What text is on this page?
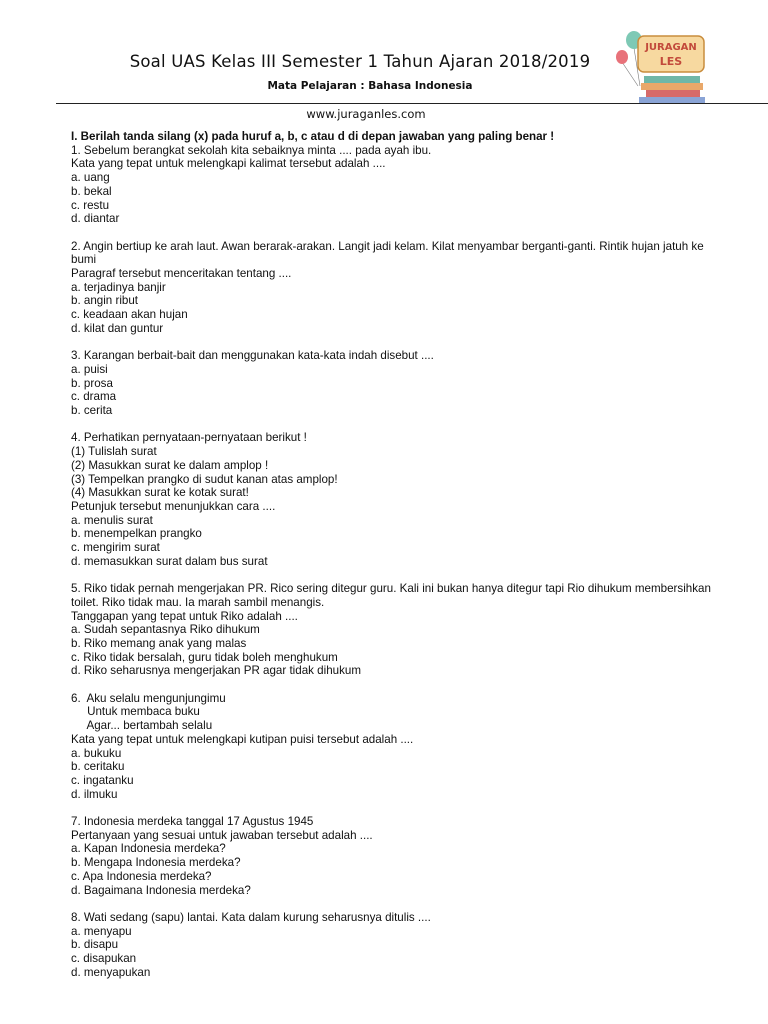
Soal UAS Kelas III Semester 1 Tahun Ajaran 2018/2019
Mata Pelajaran : Bahasa Indonesia
www.juraganles.com
JURAGAN
LES
I. Berilah tanda silang (x) pada huruf a, b, c atau d di depan jawaban yang paling benar !
1. Sebelum berangkat sekolah kita sebaiknya minta .... pada ayah ibu.
Kata yang tepat untuk melengkapi kalimat tersebut adalah ....
a. uang
b. bekal
c. restu
d. diantar
2. Angin bertiup ke arah laut. Awan berarak-arakan. Langit jadi kelam. Kilat menyambar berganti-ganti. Rintik hujan jatuh ke bumi
Paragraf tersebut menceritakan tentang ....
a. terjadinya banjir
b. angin ribut
c. keadaan akan hujan
d. kilat dan guntur
3. Karangan berbait-bait dan menggunakan kata-kata indah disebut ....
a. puisi
b. prosa
c. drama
b. cerita
4. Perhatikan pernyataan-pernyataan berikut !
(1) Tulislah surat
(2) Masukkan surat ke dalam amplop !
(3) Tempelkan prangko di sudut kanan atas amplop!
(4) Masukkan surat ke kotak surat!
Petunjuk tersebut menunjukkan cara ....
a. menulis surat
b. menempelkan prangko
c. mengirim surat
d. memasukkan surat dalam bus surat
5. Riko tidak pernah mengerjakan PR. Rico sering ditegur guru. Kali ini bukan hanya ditegur tapi Rio dihukum membersihkan toilet. Riko tidak mau. Ia marah sambil menangis.
Tanggapan yang tepat untuk Riko adalah ....
a. Sudah sepantasnya Riko dihukum
b. Riko memang anak yang malas
c. Riko tidak bersalah, guru tidak boleh menghukum
d. Riko seharusnya mengerjakan PR agar tidak dihukum
6.  Aku selalu mengunjungimu
Untuk membaca buku
Agar... bertambah selalu
Kata yang tepat untuk melengkapi kutipan puisi tersebut adalah ....
a. bukuku
b. ceritaku
c. ingatanku
d. ilmuku
7. Indonesia merdeka tanggal 17 Agustus 1945
Pertanyaan yang sesuai untuk jawaban tersebut adalah ....
a. Kapan Indonesia merdeka?
b. Mengapa Indonesia merdeka?
c. Apa Indonesia merdeka?
d. Bagaimana Indonesia merdeka?
8. Wati sedang (sapu) lantai. Kata dalam kurung seharusnya ditulis ....
a. menyapu
b. disapu
c. disapukan
d. menyapukan
